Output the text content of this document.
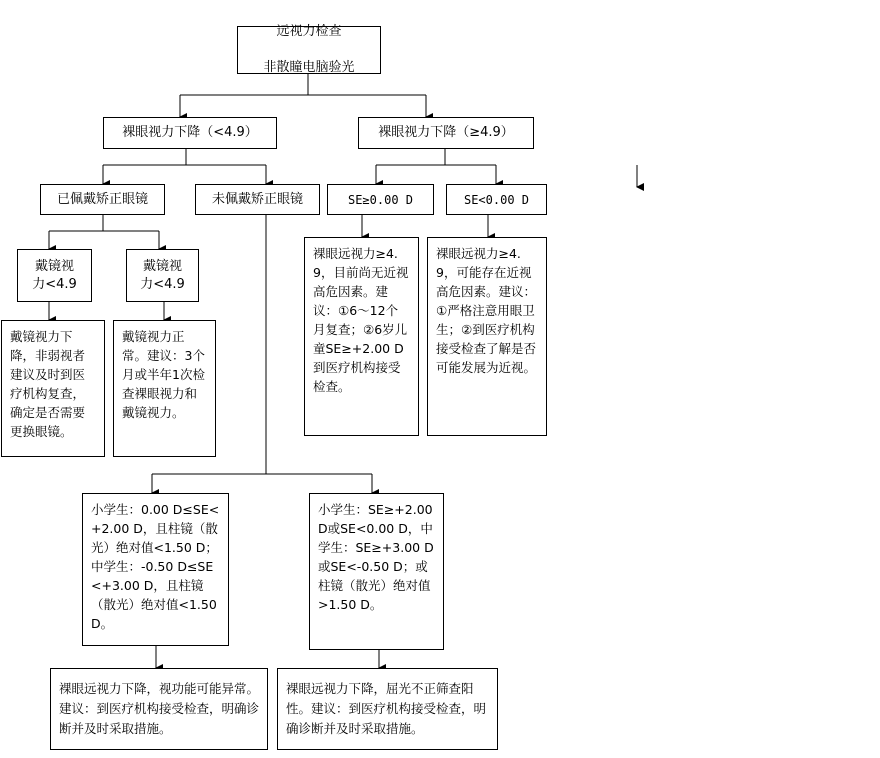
远视力检查

非散瞳电脑验光

裸眼视力下降（<4.9）	裸眼视力下降（≥4.9）
已佩戴矫正眼镜	未佩戴矫正眼镜	SE≥0.00 D	SE<0.00 D
戴镜视
力<4.9
戴镜视
力<4.9
戴镜视力下降，非弱视者建议及时到医疗机构复查，确定是否需要更换眼镜。
戴镜视力正常。建议：3个月或半年1次检查裸眼视力和戴镜视力。
裸眼远视力≥4.9，目前尚无近视高危因素。建议：①6～12个月复查；②6岁儿童SE≥+2.00 D到医疗机构接受检查。
裸眼远视力≥4.9，可能存在近视高危因素。建议：①严格注意用眼卫生；②到医疗机构接受检查了解是否可能发展为近视。
小学生：0.00 D≤SE<+2.00 D，且柱镜（散光）绝对值<1.50 D；中学生：-0.50 D≤SE<+3.00 D，且柱镜（散光）绝对值<1.50 D。
小学生：SE≥+2.00D或SE<0.00 D，中学生：SE≥+3.00 D或SE<-0.50 D；或柱镜（散光）绝对值>1.50 D。
裸眼远视力下降，视功能可能异常。建议：到医疗机构接受检查，明确诊断并及时采取措施。
裸眼远视力下降，屈光不正筛查阳性。建议：到医疗机构接受检查，明确诊断并及时采取措施。
